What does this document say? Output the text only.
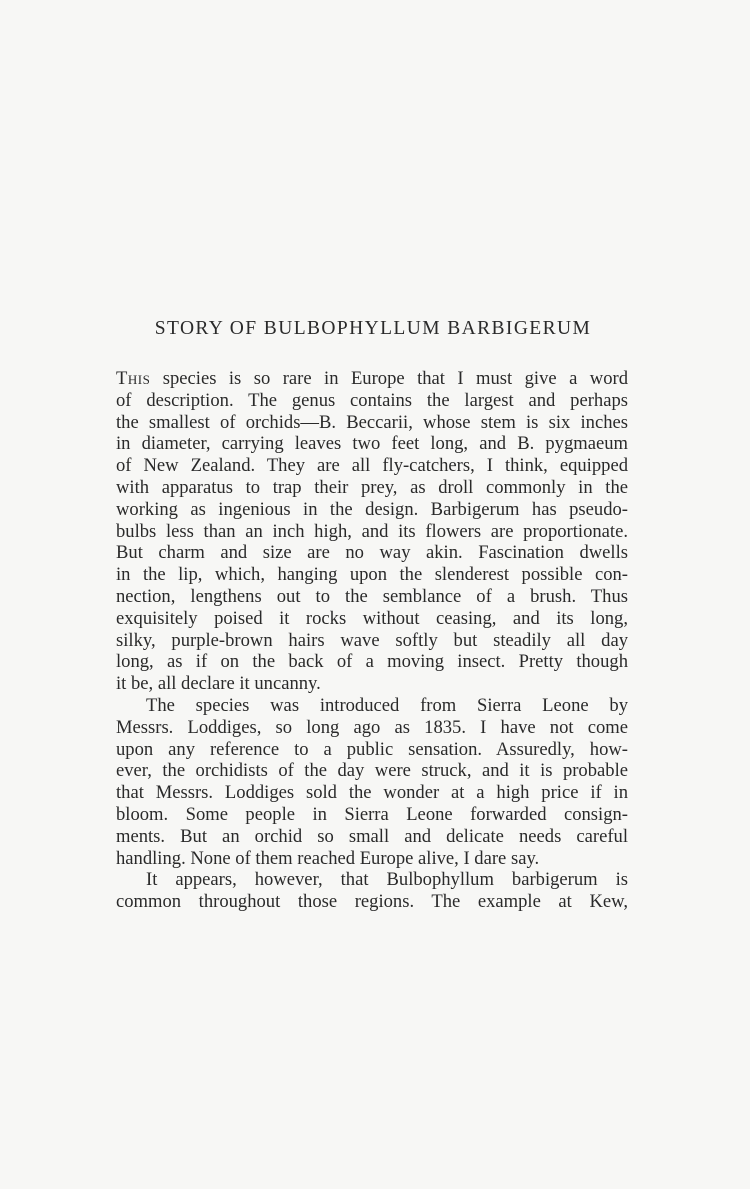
STORY OF BULBOPHYLLUM BARBIGERUM
This species is so rare in Europe that I must give a word
of description. The genus contains the largest and perhaps
the smallest of orchids—B. Beccarii, whose stem is six inches
in diameter, carrying leaves two feet long, and B. pygmaeum
of New Zealand. They are all fly-catchers, I think, equipped
with apparatus to trap their prey, as droll commonly in the
working as ingenious in the design. Barbigerum has pseudo-
bulbs less than an inch high, and its flowers are proportionate.
But charm and size are no way akin. Fascination dwells
in the lip, which, hanging upon the slenderest possible con-
nection, lengthens out to the semblance of a brush. Thus
exquisitely poised it rocks without ceasing, and its long,
silky, purple-brown hairs wave softly but steadily all day
long, as if on the back of a moving insect. Pretty though
it be, all declare it uncanny.
The species was introduced from Sierra Leone by
Messrs. Loddiges, so long ago as 1835. I have not come
upon any reference to a public sensation. Assuredly, how-
ever, the orchidists of the day were struck, and it is probable
that Messrs. Loddiges sold the wonder at a high price if in
bloom. Some people in Sierra Leone forwarded consign-
ments. But an orchid so small and delicate needs careful
handling. None of them reached Europe alive, I dare say.
It appears, however, that Bulbophyllum barbigerum is
common throughout those regions. The example at Kew,
